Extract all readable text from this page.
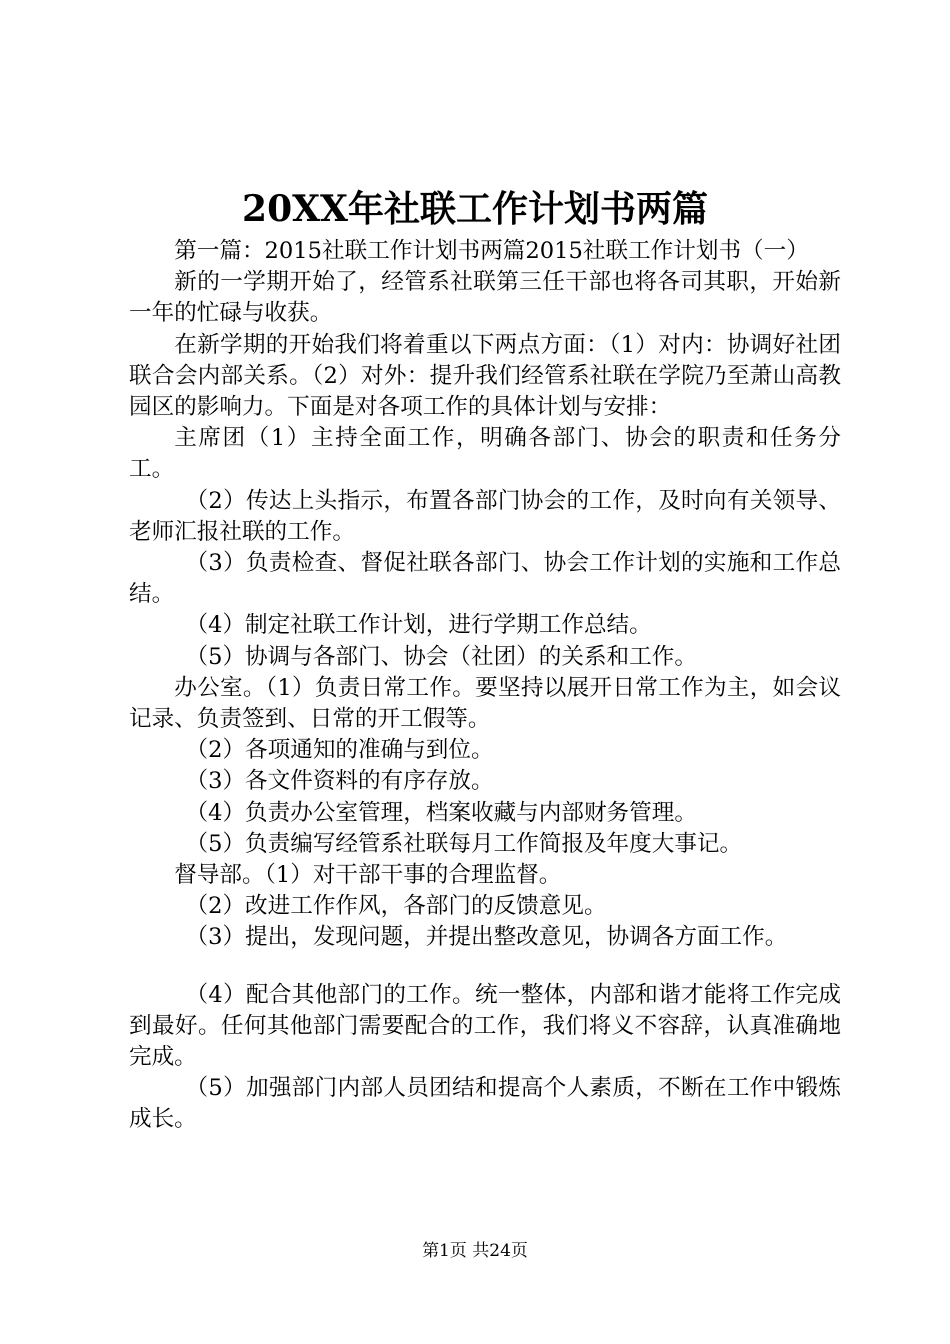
20XX年社联工作计划书两篇

第一篇：2015社联工作计划书两篇2015社联工作计划书（一）

新的一学期开始了，经管系社联第三任干部也将各司其职，开始新一年的忙碌与收获。

在新学期的开始我们将着重以下两点方面：（1）对内：协调好社团联合会内部关系。（2）对外：提升我们经管系社联在学院乃至萧山高教园区的影响力。下面是对各项工作的具体计划与安排：

主席团（1）主持全面工作，明确各部门、协会的职责和任务分工。

（2）传达上头指示，布置各部门协会的工作，及时向有关领导、老师汇报社联的工作。

（3）负责检查、督促社联各部门、协会工作计划的实施和工作总结。

（4）制定社联工作计划，进行学期工作总结。

（5）协调与各部门、协会（社团）的关系和工作。

办公室。（1）负责日常工作。要坚持以展开日常工作为主，如会议记录、负责签到、日常的开工假等。

（2）各项通知的准确与到位。

（3）各文件资料的有序存放。

（4）负责办公室管理，档案收藏与内部财务管理。

（5）负责编写经管系社联每月工作简报及年度大事记。

督导部。（1）对干部干事的合理监督。

（2）改进工作作风，各部门的反馈意见。

（3）提出，发现问题，并提出整改意见，协调各方面工作。

（4）配合其他部门的工作。统一整体，内部和谐才能将工作完成到最好。任何其他部门需要配合的工作，我们将义不容辞，认真准确地完成。

（5）加强部门内部人员团结和提高个人素质，不断在工作中锻炼成长。

第1页 共24页
